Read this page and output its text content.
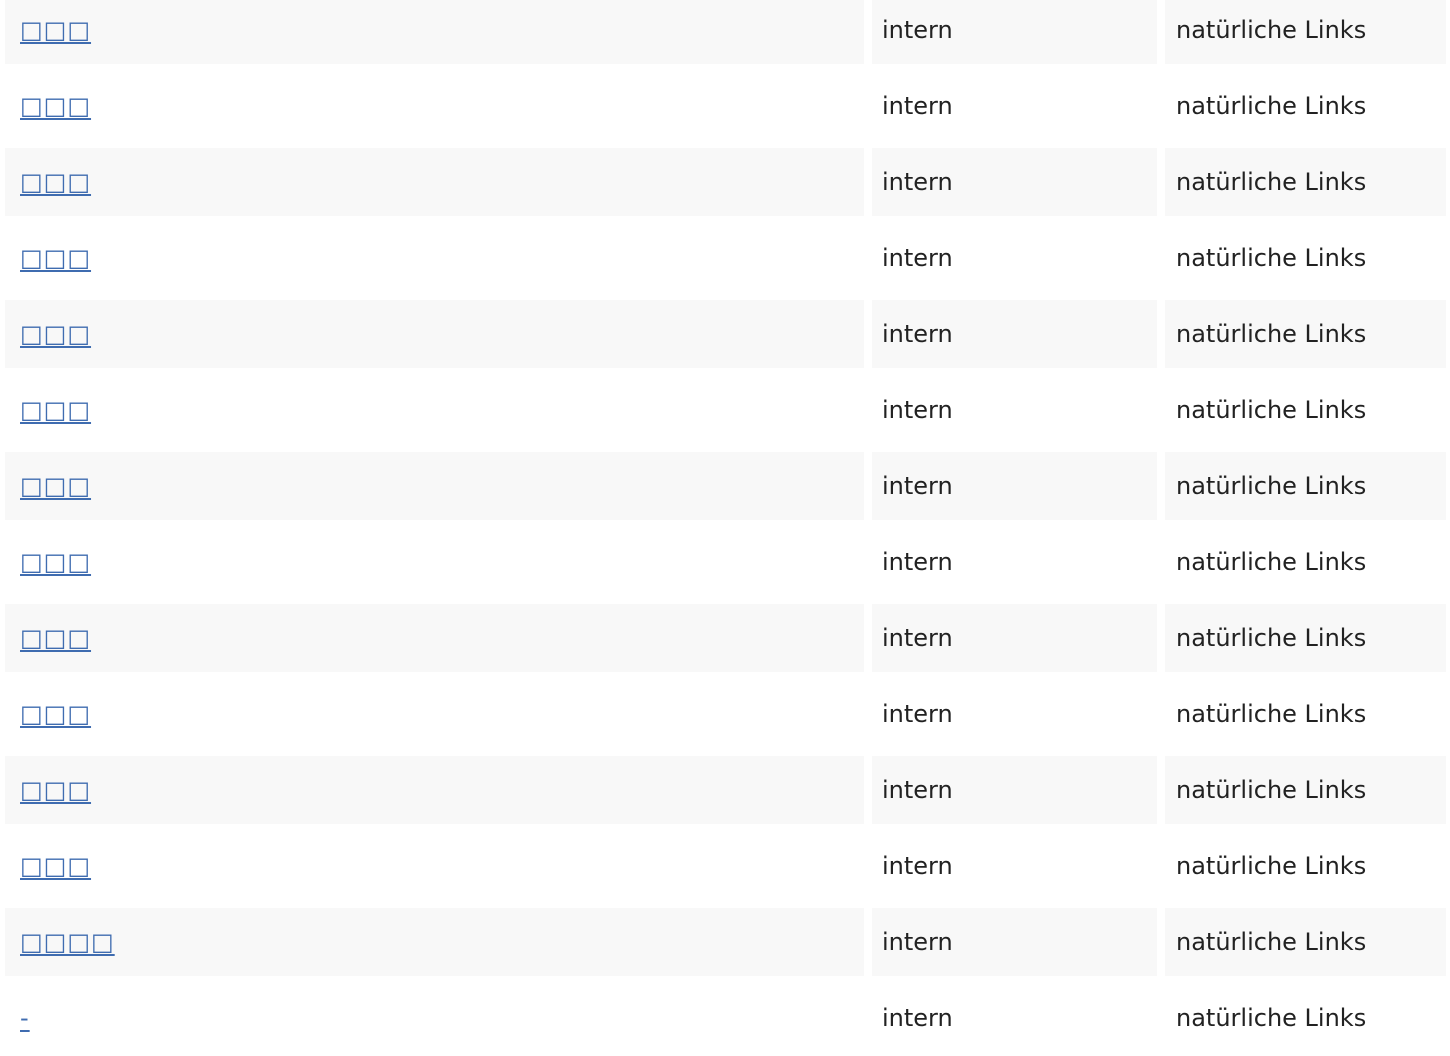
□□□	intern	natürliche Links
□□□	intern	natürliche Links
□□□	intern	natürliche Links
□□□	intern	natürliche Links
□□□	intern	natürliche Links
□□□	intern	natürliche Links
□□□	intern	natürliche Links
□□□	intern	natürliche Links
□□□	intern	natürliche Links
□□□	intern	natürliche Links
□□□	intern	natürliche Links
□□□	intern	natürliche Links
□□□□	intern	natürliche Links
-	intern	natürliche Links
